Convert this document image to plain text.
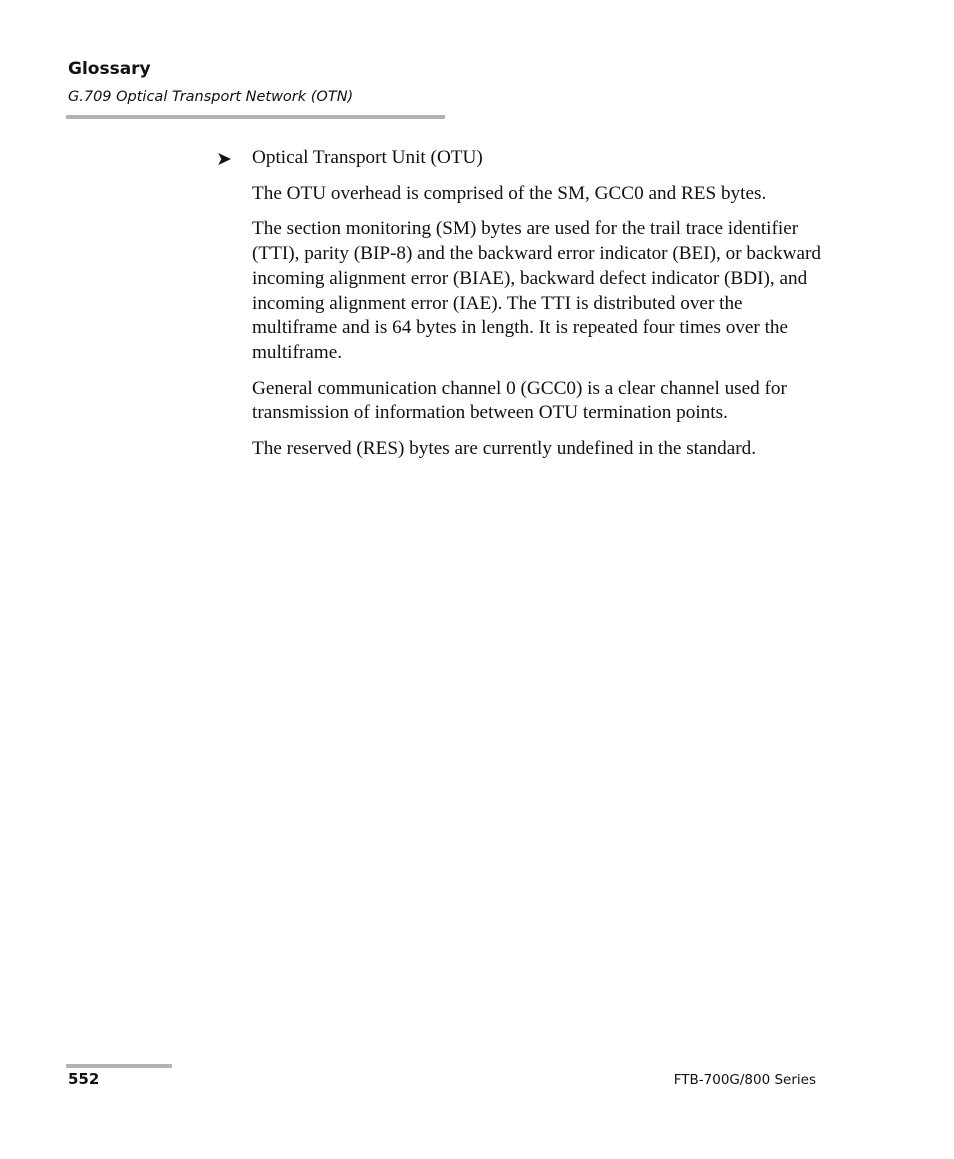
Glossary

G.709 Optical Transport Network (OTN)

➤ Optical Transport Unit (OTU)

The OTU overhead is comprised of the SM, GCC0 and RES bytes.

The section monitoring (SM) bytes are used for the trail trace identifier (TTI), parity (BIP-8) and the backward error indicator (BEI), or backward incoming alignment error (BIAE), backward defect indicator (BDI), and incoming alignment error (IAE). The TTI is distributed over the multiframe and is 64 bytes in length. It is repeated four times over the multiframe.

General communication channel 0 (GCC0) is a clear channel used for transmission of information between OTU termination points.

The reserved (RES) bytes are currently undefined in the standard.

552	FTB-700G/800 Series
